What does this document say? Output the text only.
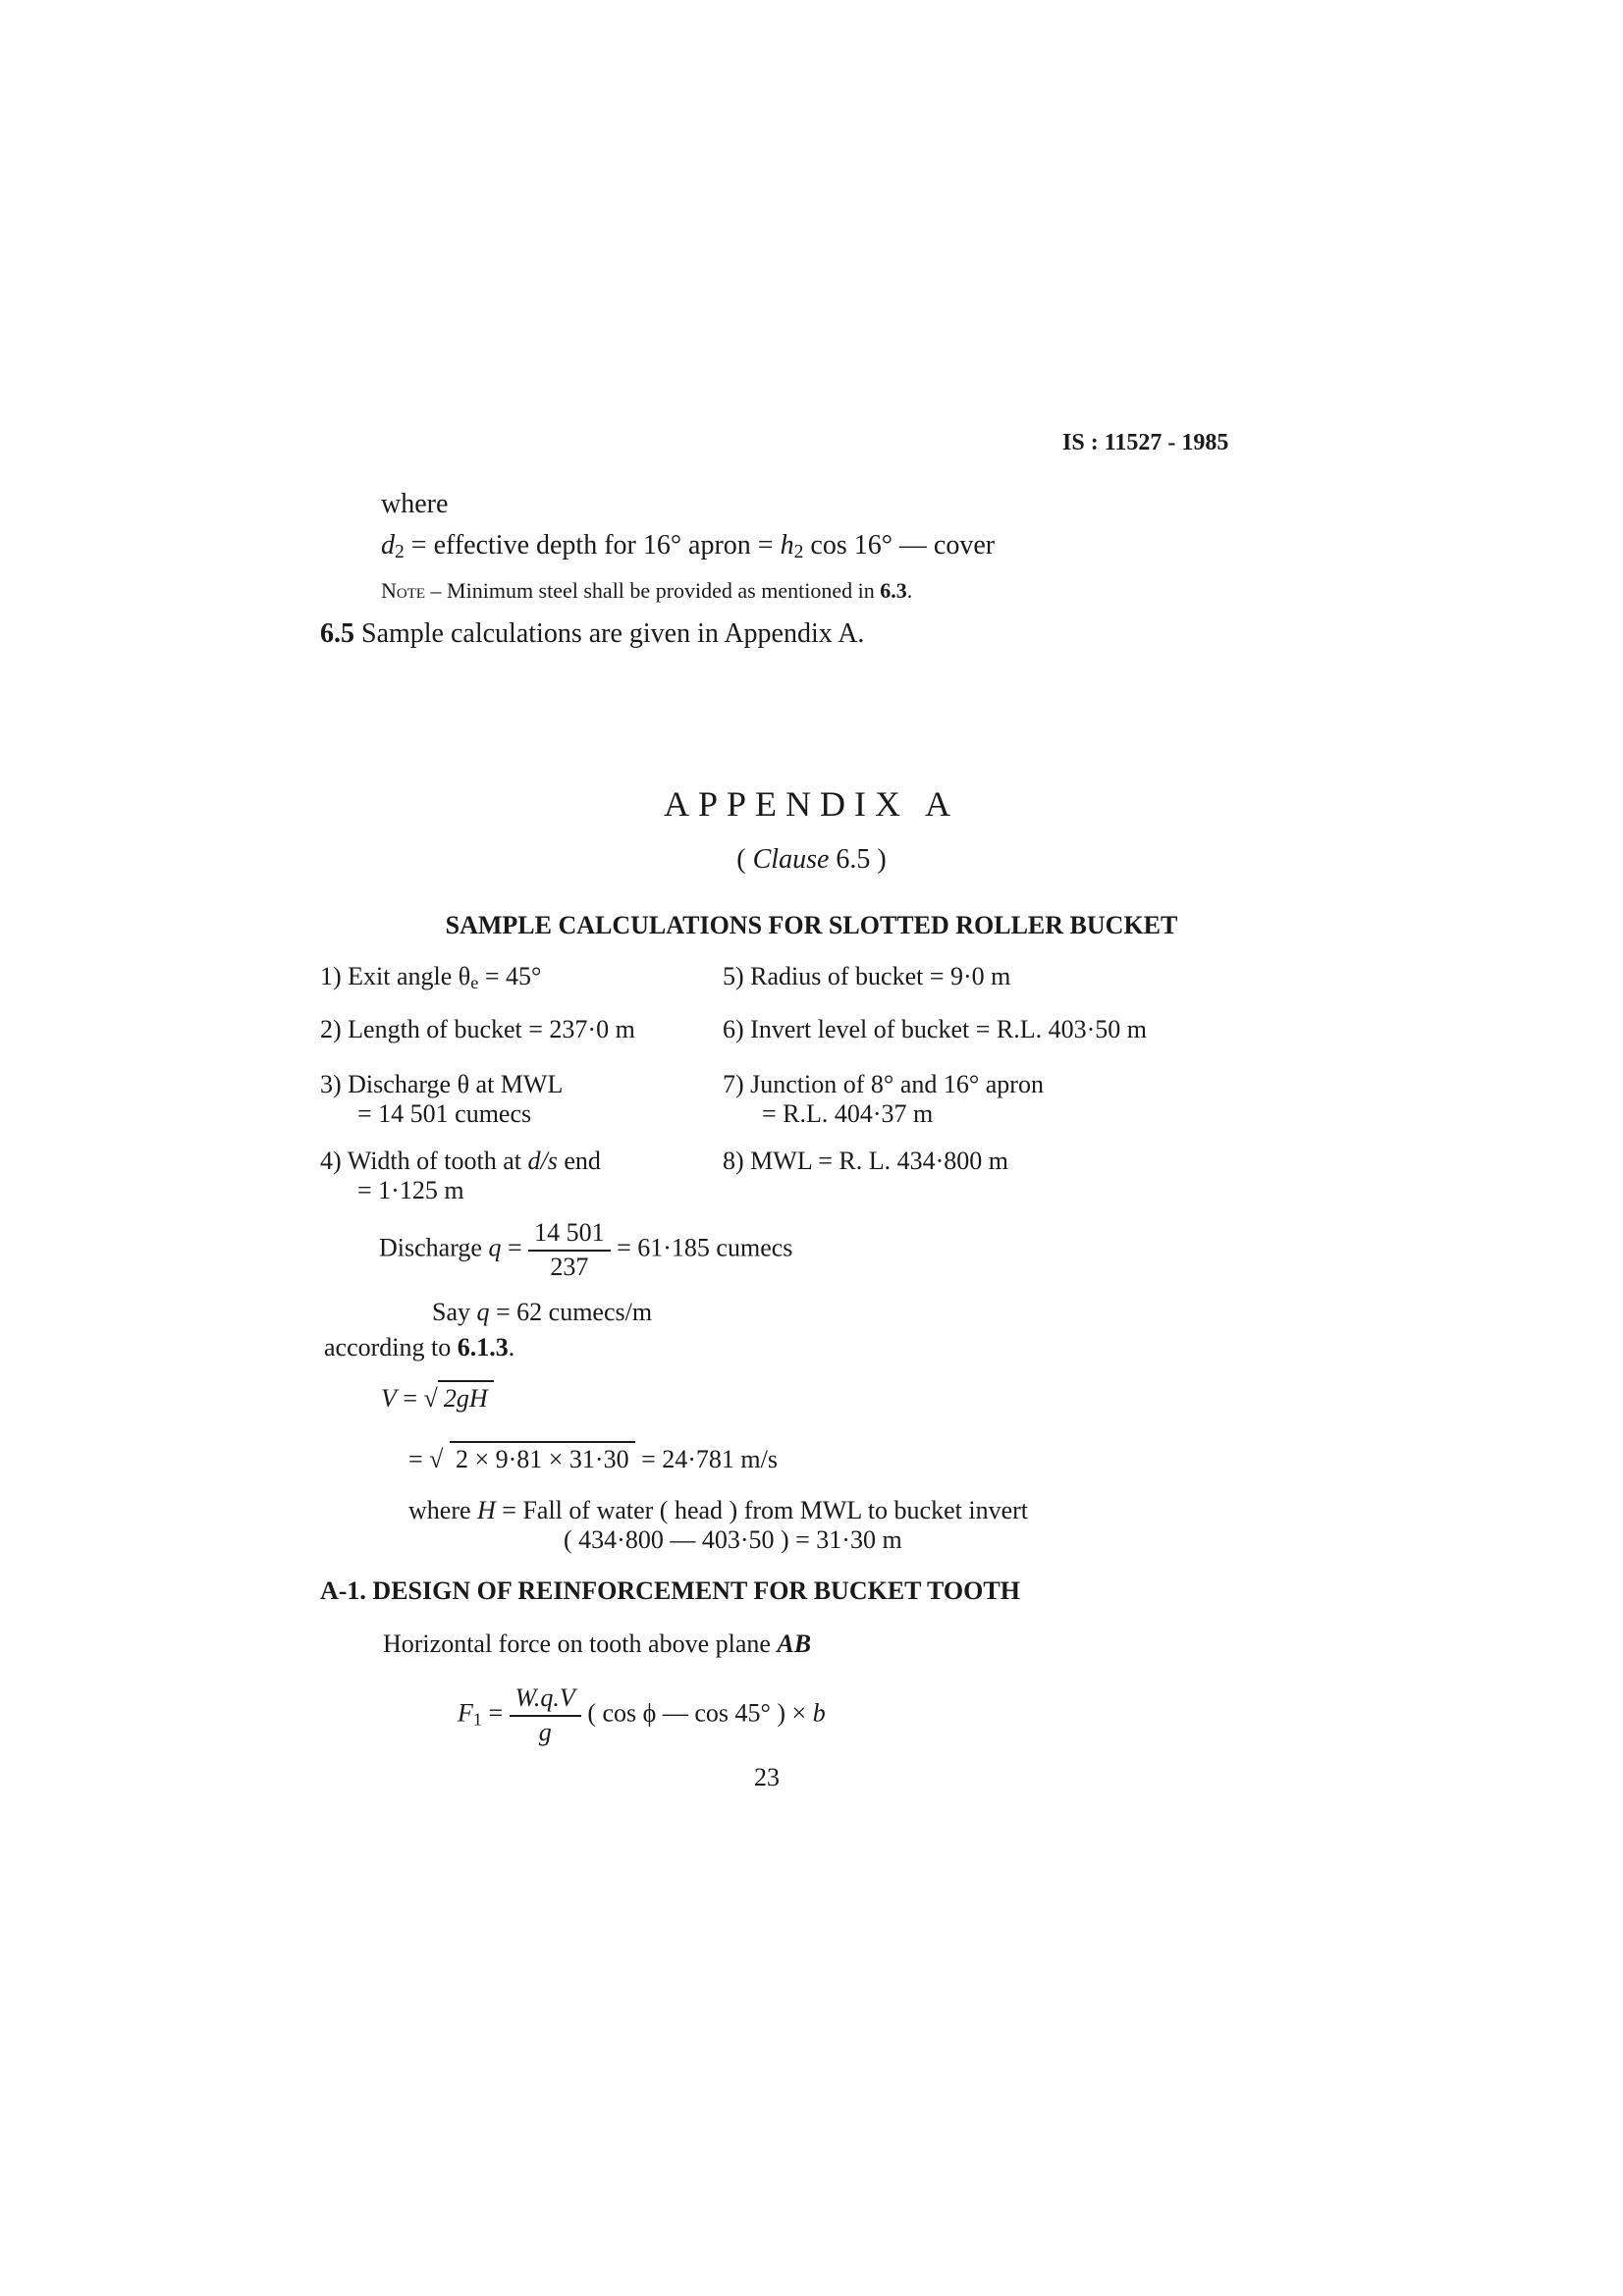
IS : 11527 - 1985
where
$d_2$ = effective depth for 16° apron = $h_2$ cos 16° — cover
Note – Minimum steel shall be provided as mentioned in 6.3.
6.5 Sample calculations are given in Appendix A.
APPENDIX A
( Clause 6.5 )
SAMPLE CALCULATIONS FOR SLOTTED ROLLER BUCKET
1) Exit angle $\theta_e = 45^\circ$
2) Length of bucket = 237·0 m
3) Discharge θ at MWL
= 14 501 cumecs
4) Width of tooth at d/s end
= 1·125 m
5) Radius of bucket = 9·0 m
6) Invert level of bucket = R.L. 403·50 m
7) Junction of 8° and 16° apron
= R.L. 404·37 m
8) MWL = R. L. 434·800 m
Discharge $q = \frac{14 501}{237} = 61\cdot 185$ cumecs
Say q = 62 cumecs/m
according to 6.1.3.
V = √ 2gH
= √ 2 × 9·81 × 31·30 = 24·781 m/s
where H = Fall of water ( head ) from MWL to bucket invert
( 434·800 — 403·50 ) = 31·30 m
A-1. DESIGN OF REINFORCEMENT FOR BUCKET TOOTH
Horizontal force on tooth above plane AB
$F_1 = \frac{W.q.V}{g}$ ( cos ϕ — cos 45° ) × b
23
